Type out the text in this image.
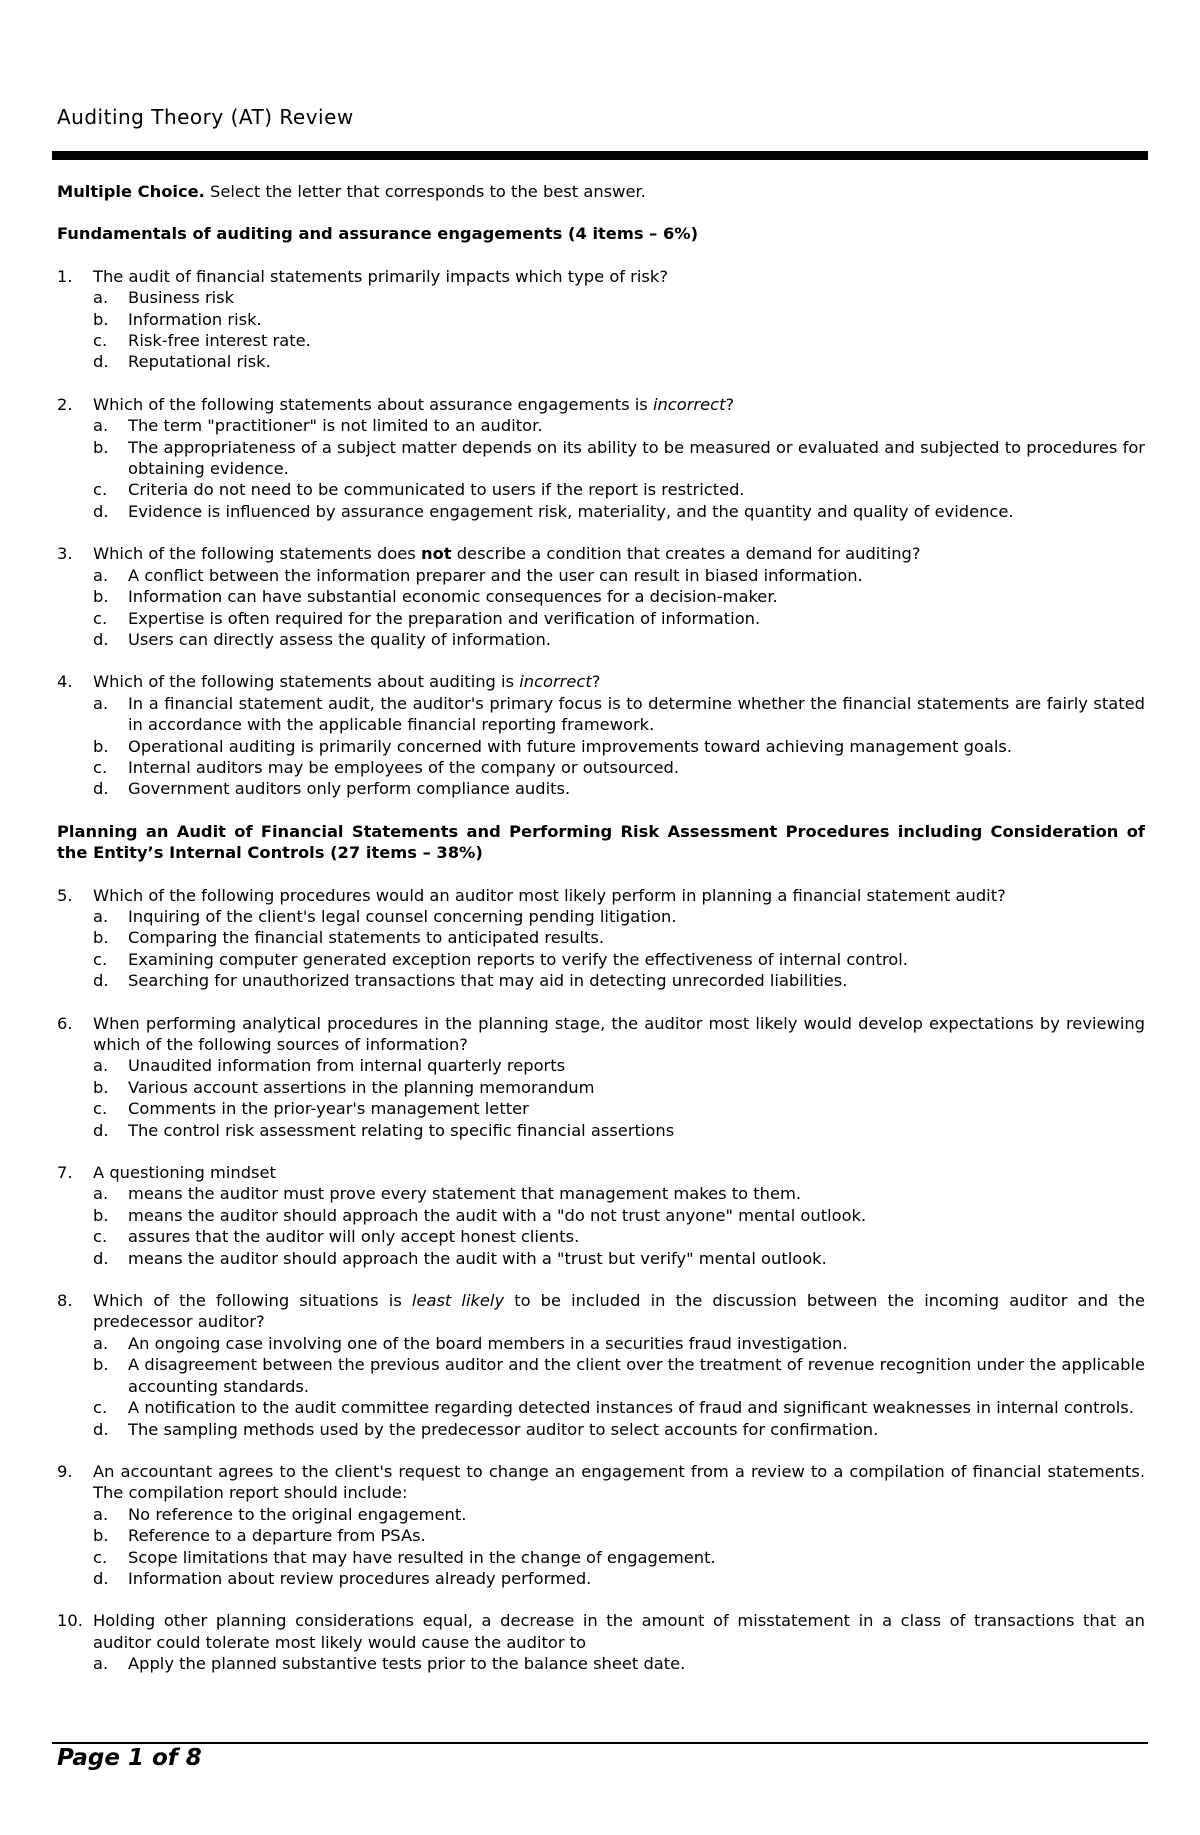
Auditing Theory (AT) Review
Multiple Choice. Select the letter that corresponds to the best answer.
Fundamentals of auditing and assurance engagements (4 items – 6%)
1.	The audit of financial statements primarily impacts which type of risk?
a.	Business risk
b.	Information risk.
c.	Risk-free interest rate.
d.	Reputational risk.
2.	Which of the following statements about assurance engagements is incorrect?
a.	The term "practitioner" is not limited to an auditor.
b.	The appropriateness of a subject matter depends on its ability to be measured or evaluated and subjected to procedures for obtaining evidence.
c.	Criteria do not need to be communicated to users if the report is restricted.
d.	Evidence is influenced by assurance engagement risk, materiality, and the quantity and quality of evidence.
3.	Which of the following statements does not describe a condition that creates a demand for auditing?
a.	A conflict between the information preparer and the user can result in biased information.
b.	Information can have substantial economic consequences for a decision-maker.
c.	Expertise is often required for the preparation and verification of information.
d.	Users can directly assess the quality of information.
4.	Which of the following statements about auditing is incorrect?
a.	In a financial statement audit, the auditor's primary focus is to determine whether the financial statements are fairly stated in accordance with the applicable financial reporting framework.
b.	Operational auditing is primarily concerned with future improvements toward achieving management goals.
c.	Internal auditors may be employees of the company or outsourced.
d.	Government auditors only perform compliance audits.
Planning an Audit of Financial Statements and Performing Risk Assessment Procedures including Consideration of the Entity’s Internal Controls (27 items – 38%)
5.	Which of the following procedures would an auditor most likely perform in planning a financial statement audit?
a.	Inquiring of the client's legal counsel concerning pending litigation.
b.	Comparing the financial statements to anticipated results.
c.	Examining computer generated exception reports to verify the effectiveness of internal control.
d.	Searching for unauthorized transactions that may aid in detecting unrecorded liabilities.
6.	When performing analytical procedures in the planning stage, the auditor most likely would develop expectations by reviewing which of the following sources of information?
a.	Unaudited information from internal quarterly reports
b.	Various account assertions in the planning memorandum
c.	Comments in the prior-year's management letter
d.	The control risk assessment relating to specific financial assertions
7.	A questioning mindset
a.	means the auditor must prove every statement that management makes to them.
b.	means the auditor should approach the audit with a "do not trust anyone" mental outlook.
c.	assures that the auditor will only accept honest clients.
d.	means the auditor should approach the audit with a "trust but verify" mental outlook.
8.	Which of the following situations is least likely to be included in the discussion between the incoming auditor and the predecessor auditor?
a.	An ongoing case involving one of the board members in a securities fraud investigation.
b.	A disagreement between the previous auditor and the client over the treatment of revenue recognition under the applicable accounting standards.
c.	A notification to the audit committee regarding detected instances of fraud and significant weaknesses in internal controls.
d.	The sampling methods used by the predecessor auditor to select accounts for confirmation.
9.	An accountant agrees to the client's request to change an engagement from a review to a compilation of financial statements. The compilation report should include:
a.	No reference to the original engagement.
b.	Reference to a departure from PSAs.
c.	Scope limitations that may have resulted in the change of engagement.
d.	Information about review procedures already performed.
10. Holding other planning considerations equal, a decrease in the amount of misstatement in a class of transactions that an auditor could tolerate most likely would cause the auditor to
a.	Apply the planned substantive tests prior to the balance sheet date.
Page 1 of 8
